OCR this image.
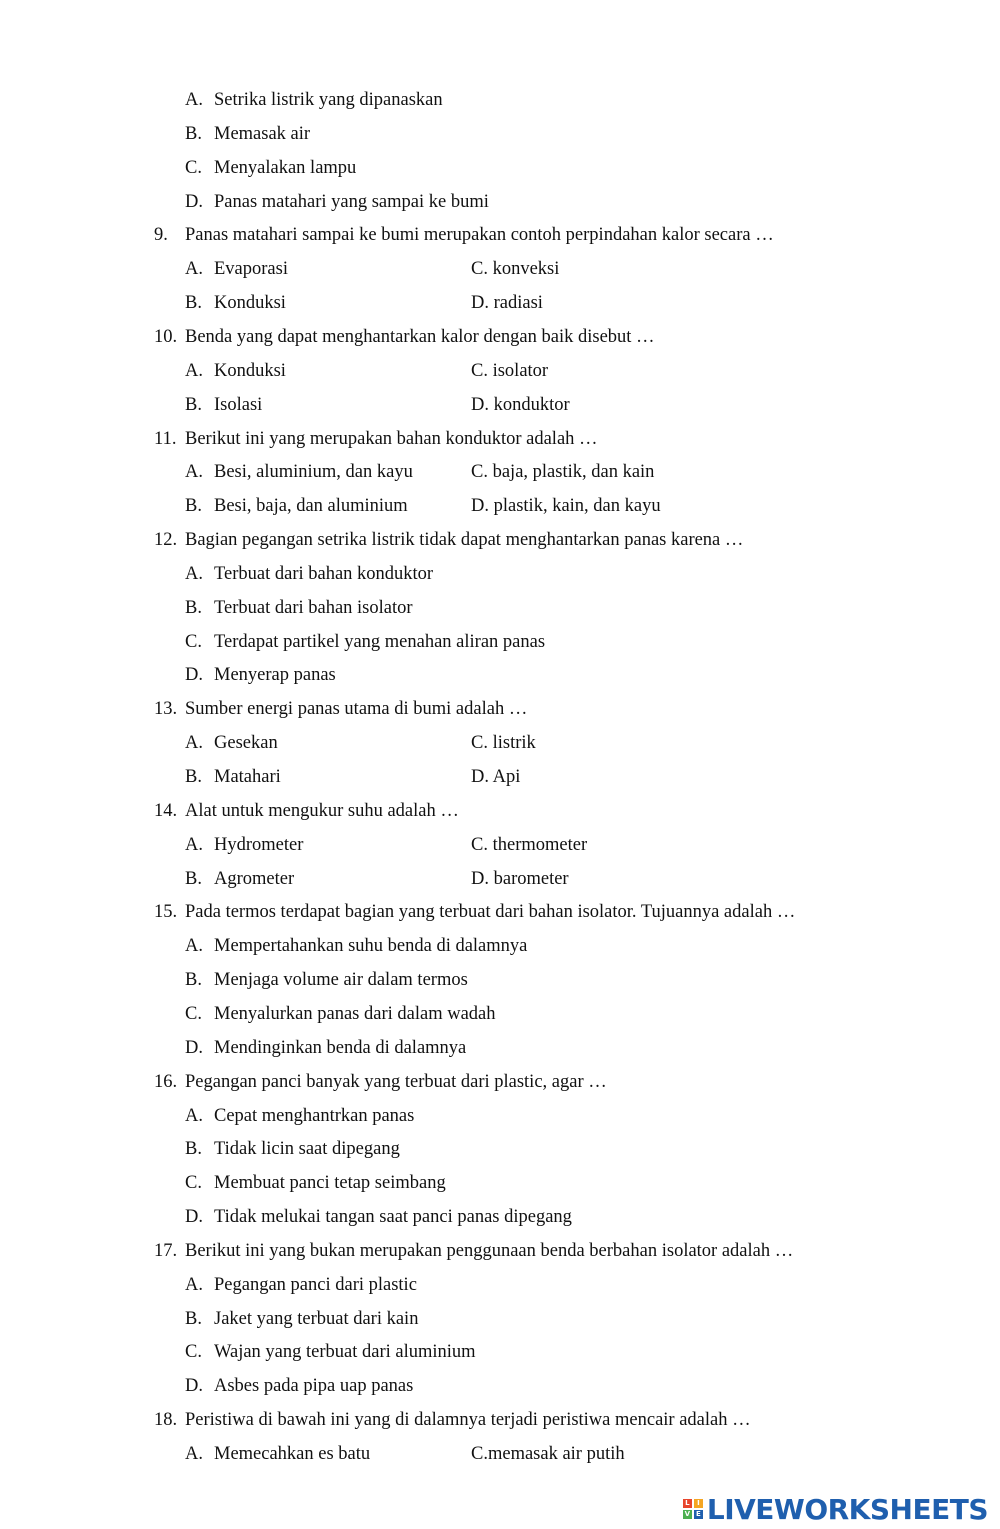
A. Setrika listrik yang dipanaskan
B. Memasak air
C. Menyalakan lampu
D. Panas matahari yang sampai ke bumi
9. Panas matahari sampai ke bumi merupakan contoh perpindahan kalor secara …
A. Evaporasi	C. konveksi
B. Konduksi	D. radiasi
10. Benda yang dapat menghantarkan kalor dengan baik disebut …
A. Konduksi	C. isolator
B. Isolasi	D. konduktor
11. Berikut ini yang merupakan bahan konduktor adalah …
A. Besi, aluminium, dan kayu	C. baja, plastik, dan kain
B. Besi, baja, dan aluminium	D. plastik, kain, dan kayu
12. Bagian pegangan setrika listrik tidak dapat menghantarkan panas karena …
A. Terbuat dari bahan konduktor
B. Terbuat dari bahan isolator
C. Terdapat partikel yang menahan aliran panas
D. Menyerap panas
13. Sumber energi panas utama di bumi adalah …
A. Gesekan	C. listrik
B. Matahari	D. Api
14. Alat untuk mengukur suhu adalah …
A. Hydrometer	C. thermometer
B. Agrometer	D. barometer
15. Pada termos terdapat bagian yang terbuat dari bahan isolator. Tujuannya adalah …
A. Mempertahankan suhu benda di dalamnya
B. Menjaga volume air dalam termos
C. Menyalurkan panas dari dalam wadah
D. Mendinginkan benda di dalamnya
16. Pegangan panci banyak yang terbuat dari plastic, agar …
A. Cepat menghantrkan panas
B. Tidak licin saat dipegang
C. Membuat panci tetap seimbang
D. Tidak melukai tangan saat panci panas dipegang
17. Berikut ini yang bukan merupakan penggunaan benda berbahan isolator adalah …
A. Pegangan panci dari plastic
B. Jaket yang terbuat dari kain
C. Wajan yang terbuat dari aluminium
D. Asbes pada pipa uap panas
18. Peristiwa di bawah ini yang di dalamnya terjadi peristiwa mencair adalah …
A. Memecahkan es batu	C.memasak air putih
L	I
V E LIVEWORKSHEETS
